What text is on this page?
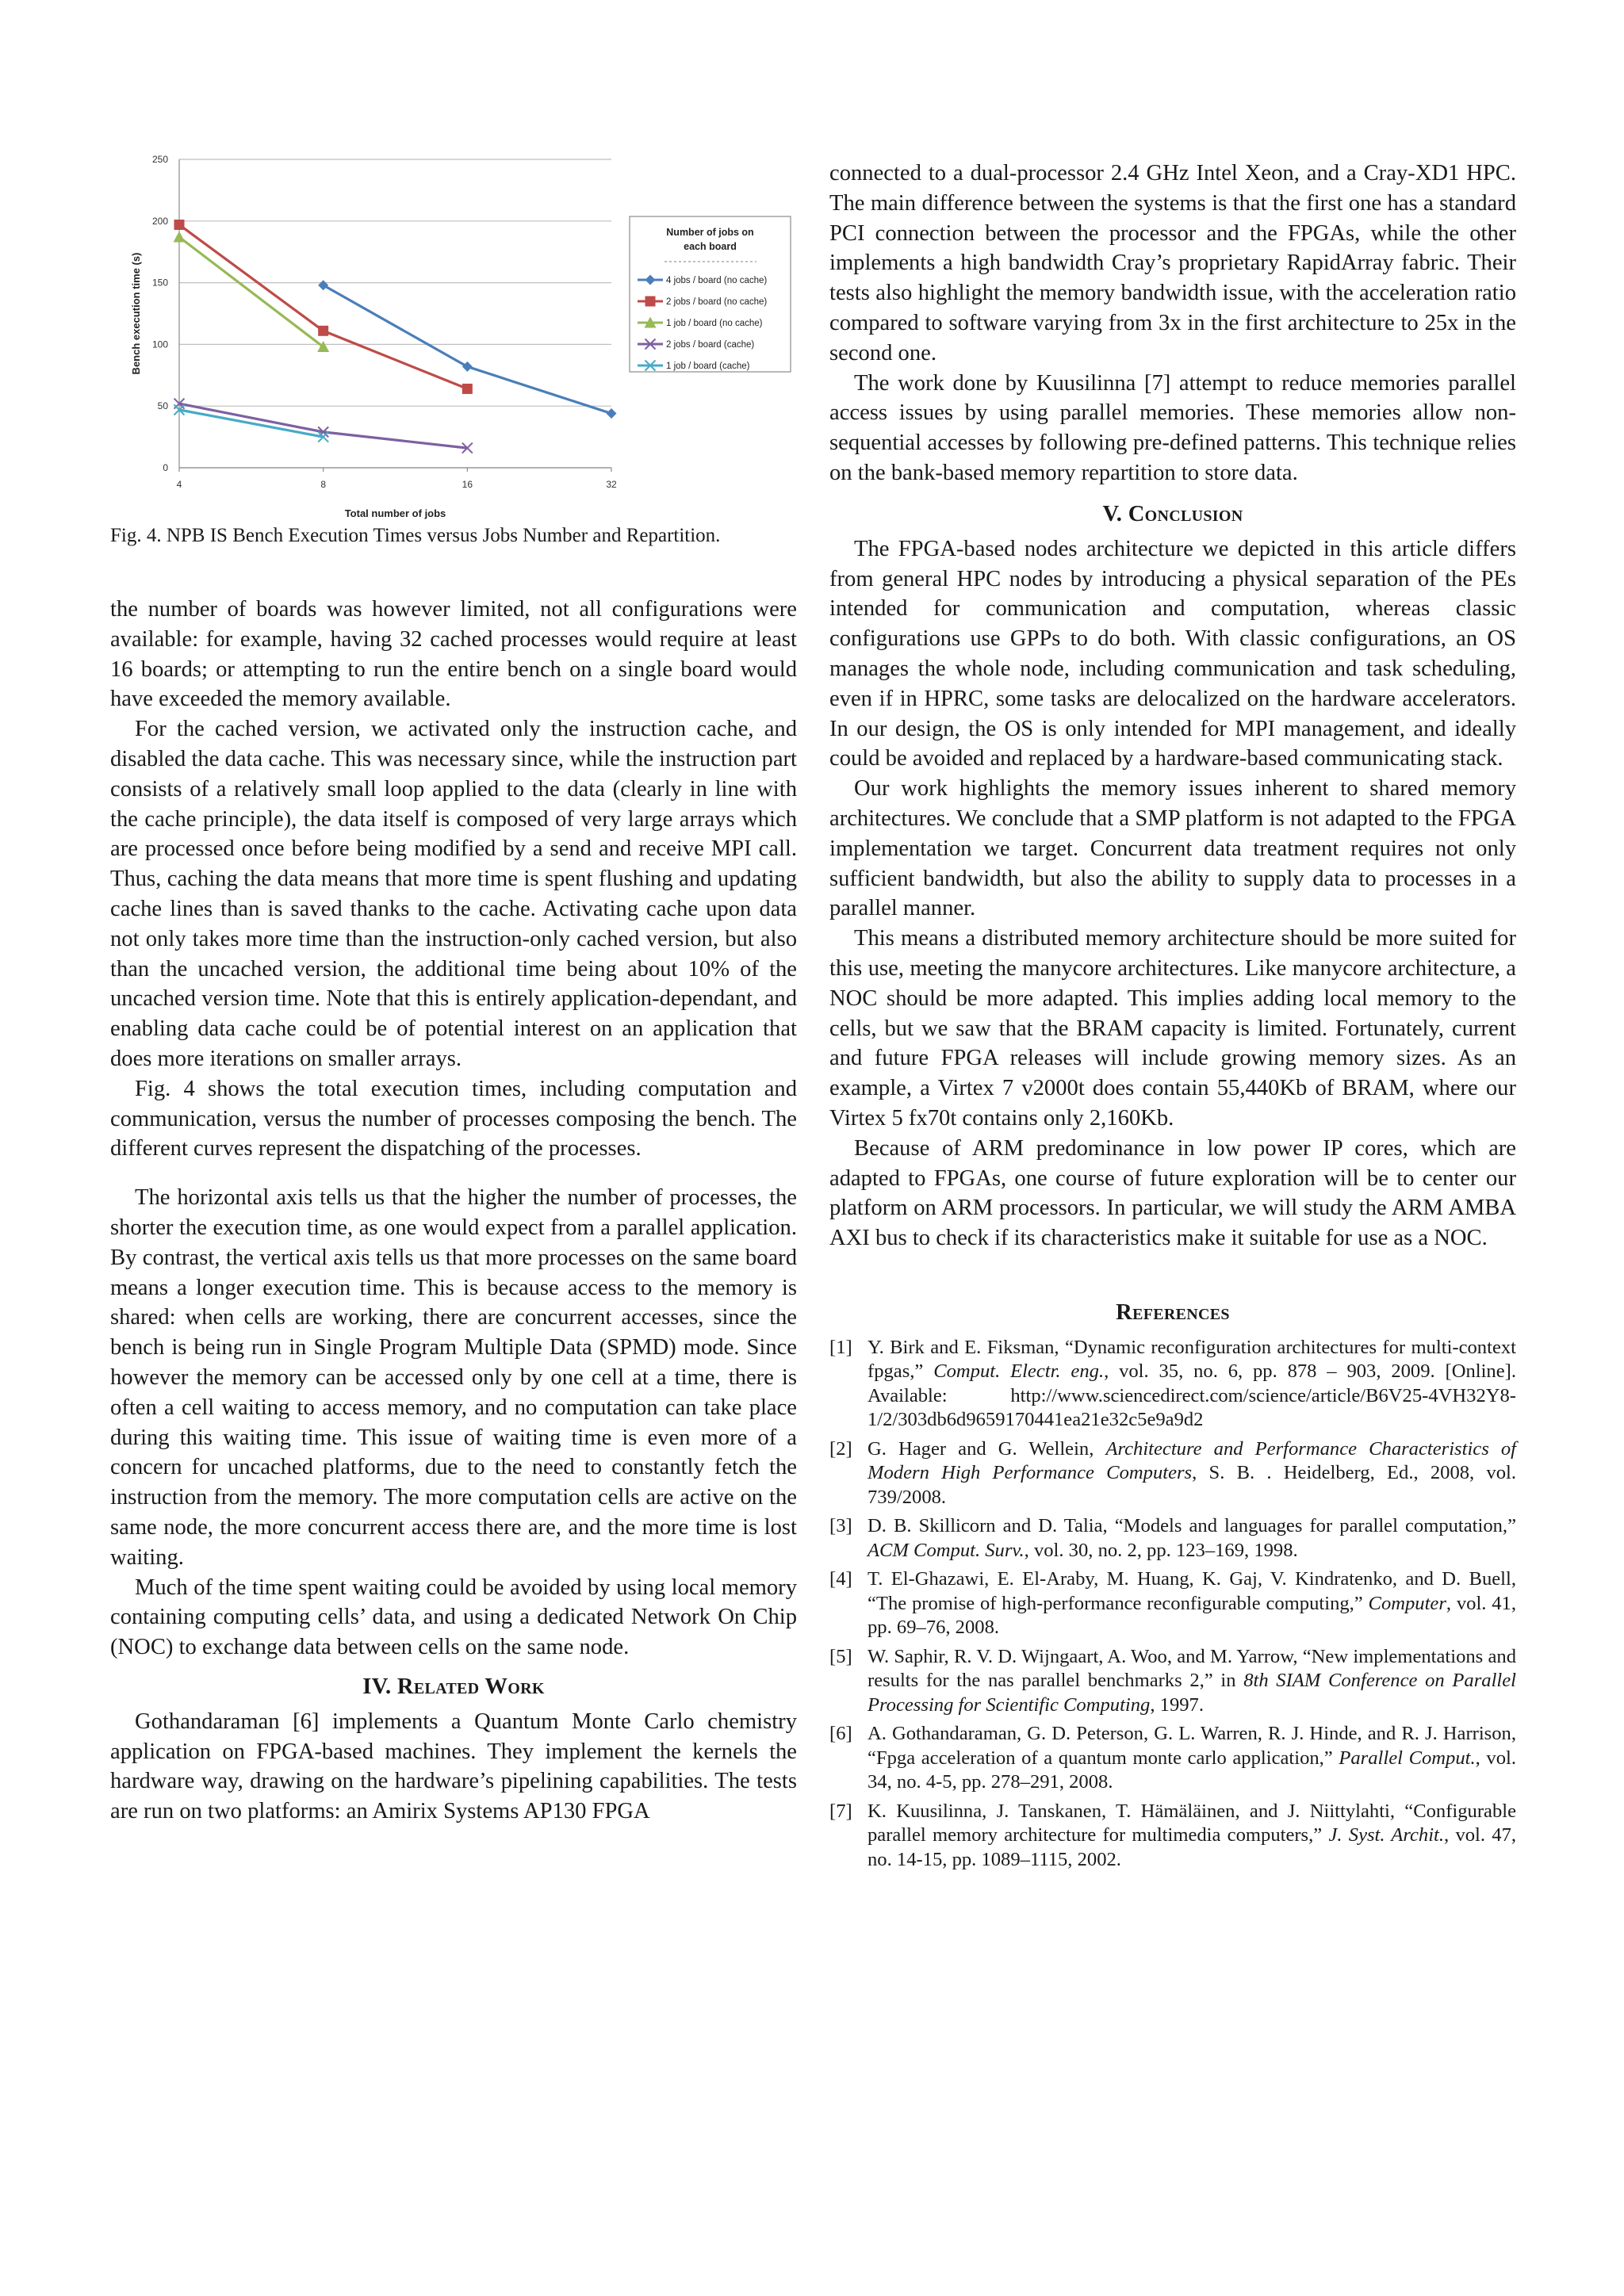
0
50
100
150
200
250
4	8	16	32
Total number of jobs
Bench execution time (s)
Number of jobs on
each board
4 jobs / board (no cache)
2 jobs / board (no cache)
1 job / board (no cache)
2 jobs / board (cache)
1 job / board (cache)

Fig. 4. NPB IS Bench Execution Times versus Jobs Number and Repartition.

the number of boards was however limited, not all configurations were available: for example, having 32 cached processes would require at least 16 boards; or attempting to run the entire bench on a single board would have exceeded the memory available.

For the cached version, we activated only the instruction cache, and disabled the data cache. This was necessary since, while the instruction part consists of a relatively small loop applied to the data (clearly in line with the cache principle), the data itself is composed of very large arrays which are processed once before being modified by a send and receive MPI call. Thus, caching the data means that more time is spent flushing and updating cache lines than is saved thanks to the cache. Activating cache upon data not only takes more time than the instruction-only cached version, but also than the uncached version, the additional time being about 10% of the uncached version time. Note that this is entirely application-dependant, and enabling data cache could be of potential interest on an application that does more iterations on smaller arrays.

Fig. 4 shows the total execution times, including computation and communication, versus the number of processes composing the bench. The different curves represent the dispatching of the processes.

The horizontal axis tells us that the higher the number of processes, the shorter the execution time, as one would expect from a parallel application. By contrast, the vertical axis tells us that more processes on the same board means a longer execution time. This is because access to the memory is shared: when cells are working, there are concurrent accesses, since the bench is being run in Single Program Multiple Data (SPMD) mode. Since however the memory can be accessed only by one cell at a time, there is often a cell waiting to access memory, and no computation can take place during this waiting time. This issue of waiting time is even more of a concern for uncached platforms, due to the need to constantly fetch the instruction from the memory. The more computation cells are active on the same node, the more concurrent access there are, and the more time is lost waiting.

Much of the time spent waiting could be avoided by using local memory containing computing cells’ data, and using a dedicated Network On Chip (NOC) to exchange data between cells on the same node.

IV. Related Work

Gothandaraman [6] implements a Quantum Monte Carlo chemistry application on FPGA-based machines. They implement the kernels the hardware way, drawing on the hardware’s pipelining capabilities. The tests are run on two platforms: an Amirix Systems AP130 FPGA

connected to a dual-processor 2.4 GHz Intel Xeon, and a Cray-XD1 HPC. The main difference between the systems is that the first one has a standard PCI connection between the processor and the FPGAs, while the other implements a high bandwidth Cray’s proprietary RapidArray fabric. Their tests also highlight the memory bandwidth issue, with the acceleration ratio compared to software varying from 3x in the first architecture to 25x in the second one.

The work done by Kuusilinna [7] attempt to reduce memories parallel access issues by using parallel memories. These memories allow non-sequential accesses by following pre-defined patterns. This technique relies on the bank-based memory repartition to store data.

V. Conclusion

The FPGA-based nodes architecture we depicted in this article differs from general HPC nodes by introducing a physical separation of the PEs intended for communication and computation, whereas classic configurations use GPPs to do both. With classic configurations, an OS manages the whole node, including communication and task scheduling, even if in HPRC, some tasks are delocalized on the hardware accelerators. In our design, the OS is only intended for MPI management, and ideally could be avoided and replaced by a hardware-based communicating stack.

Our work highlights the memory issues inherent to shared memory architectures. We conclude that a SMP platform is not adapted to the FPGA implementation we target. Concurrent data treatment requires not only sufficient bandwidth, but also the ability to supply data to processes in a parallel manner.

This means a distributed memory architecture should be more suited for this use, meeting the manycore architectures. Like manycore architecture, a NOC should be more adapted. This implies adding local memory to the cells, but we saw that the BRAM capacity is limited. Fortunately, current and future FPGA releases will include growing memory sizes. As an example, a Virtex 7 v2000t does contain 55,440Kb of BRAM, where our Virtex 5 fx70t contains only 2,160Kb.

Because of ARM predominance in low power IP cores, which are adapted to FPGAs, one course of future exploration will be to center our platform on ARM processors. In particular, we will study the ARM AMBA AXI bus to check if its characteristics make it suitable for use as a NOC.

References
[1] Y. Birk and E. Fiksman, “Dynamic reconfiguration architectures for multi-context fpgas,” Comput. Electr. eng., vol. 35, no. 6, pp. 878 – 903, 2009. [Online]. Available: http://www.sciencedirect.com/science/article/B6V25-4VH32Y8-1/2/303db6d9659170441ea21e32c5e9a9d2
[2] G. Hager and G. Wellein, Architecture and Performance Characteristics of Modern High Performance Computers, S. B. . Heidelberg, Ed., 2008, vol. 739/2008.
[3] D. B. Skillicorn and D. Talia, “Models and languages for parallel computation,” ACM Comput. Surv., vol. 30, no. 2, pp. 123–169, 1998.
[4] T. El-Ghazawi, E. El-Araby, M. Huang, K. Gaj, V. Kindratenko, and D. Buell, “The promise of high-performance reconfigurable computing,” Computer, vol. 41, pp. 69–76, 2008.
[5] W. Saphir, R. V. D. Wijngaart, A. Woo, and M. Yarrow, “New implementations and results for the nas parallel benchmarks 2,” in 8th SIAM Conference on Parallel Processing for Scientific Computing, 1997.
[6] A. Gothandaraman, G. D. Peterson, G. L. Warren, R. J. Hinde, and R. J. Harrison, “Fpga acceleration of a quantum monte carlo application,” Parallel Comput., vol. 34, no. 4-5, pp. 278–291, 2008.
[7] K. Kuusilinna, J. Tanskanen, T. Hämäläinen, and J. Niittylahti, “Configurable parallel memory architecture for multimedia computers,” J. Syst. Archit., vol. 47, no. 14-15, pp. 1089–1115, 2002.
